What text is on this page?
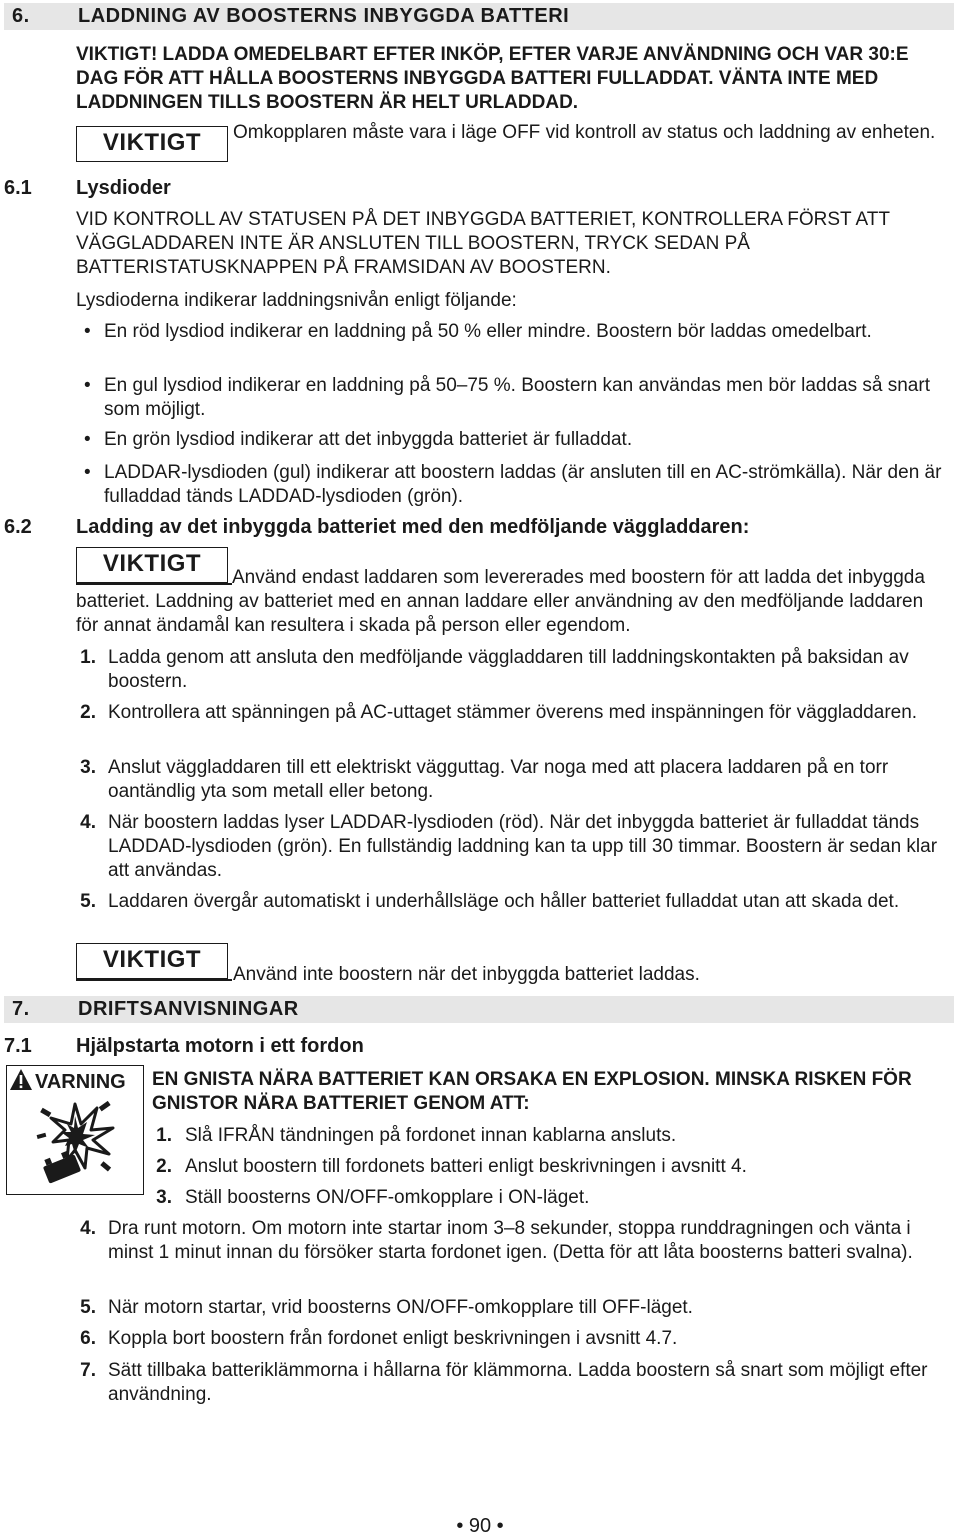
6. LADDNING AV BOOSTERNS INBYGGDA BATTERI
VIKTIGT! LADDA OMEDELBART EFTER INKÖP, EFTER VARJE ANVÄNDNING OCH VAR 30:E DAG FÖR ATT HÅLLA BOOSTERNS INBYGGDA BATTERI FULLADDAT. VÄNTA INTE MED LADDNINGEN TILLS BOOSTERN ÄR HELT URLADDAD.
VIKTIGT	Omkopplaren måste vara i läge OFF vid kontroll av status och laddning av enheten.
6.1 Lysdioder
VID KONTROLL AV STATUSEN PÅ DET INBYGGDA BATTERIET, KONTROLLERA FÖRST ATT VÄGGLADDAREN INTE ÄR ANSLUTEN TILL BOOSTERN, TRYCK SEDAN PÅ BATTERISTATUSKNAPPEN PÅ FRAMSIDAN AV BOOSTERN.
Lysdioderna indikerar laddningsnivån enligt följande:
• En röd lysdiod indikerar en laddning på 50 % eller mindre. Boostern bör laddas omedelbart.
• En gul lysdiod indikerar en laddning på 50–75 %. Boostern kan användas men bör laddas så snart som möjligt.
• En grön lysdiod indikerar att det inbyggda batteriet är fulladdat.
• LADDAR-lysdioden (gul) indikerar att boostern laddas (är ansluten till en AC-strömkälla). När den är fulladdad tänds LADDAD-lysdioden (grön).
6.2 Ladding av det inbyggda batteriet med den medföljande väggladdaren:
VIKTIGT
Använd endast laddaren som levererades med boostern för att ladda det inbyggda batteriet. Laddning av batteriet med en annan laddare eller användning av den medföljande laddaren för annat ändamål kan resultera i skada på person eller egendom.
1. Ladda genom att ansluta den medföljande väggladdaren till laddningskontakten på baksidan av boostern.
2. Kontrollera att spänningen på AC-uttaget stämmer överens med inspänningen för väggladdaren.
3. Anslut väggladdaren till ett elektriskt vägguttag. Var noga med att placera laddaren på en torr oantändlig yta som metall eller betong.
4. När boostern laddas lyser LADDAR-lysdioden (röd). När det inbyggda batteriet är fulladdat tänds LADDAD-lysdioden (grön). En fullständig laddning kan ta upp till 30 timmar. Boostern är sedan klar att användas.
5. Laddaren övergår automatiskt i underhållsläge och håller batteriet fulladdat utan att skada det.
VIKTIGT
Använd inte boostern när det inbyggda batteriet laddas.
7. DRIFTSANVISNINGAR
7.1 Hjälpstarta motorn i ett fordon
VARNING EN GNISTA NÄRA BATTERIET KAN ORSAKA EN EXPLOSION. MINSKA RISKEN FÖR GNISTOR NÄRA BATTERIET GENOM ATT:
1. Slå IFRÅN tändningen på fordonet innan kablarna ansluts.
2. Anslut boostern till fordonets batteri enligt beskrivningen i avsnitt 4.
3. Ställ boosterns ON/OFF-omkopplare i ON-läget.
4. Dra runt motorn. Om motorn inte startar inom 3–8 sekunder, stoppa runddragningen och vänta i minst 1 minut innan du försöker starta fordonet igen. (Detta för att låta boosterns batteri svalna).
5. När motorn startar, vrid boosterns ON/OFF-omkopplare till OFF-läget.
6. Koppla bort boostern från fordonet enligt beskrivningen i avsnitt 4.7.
7. Sätt tillbaka batteriklämmorna i hållarna för klämmorna. Ladda boostern så snart som möjligt efter användning.
• 90 •
